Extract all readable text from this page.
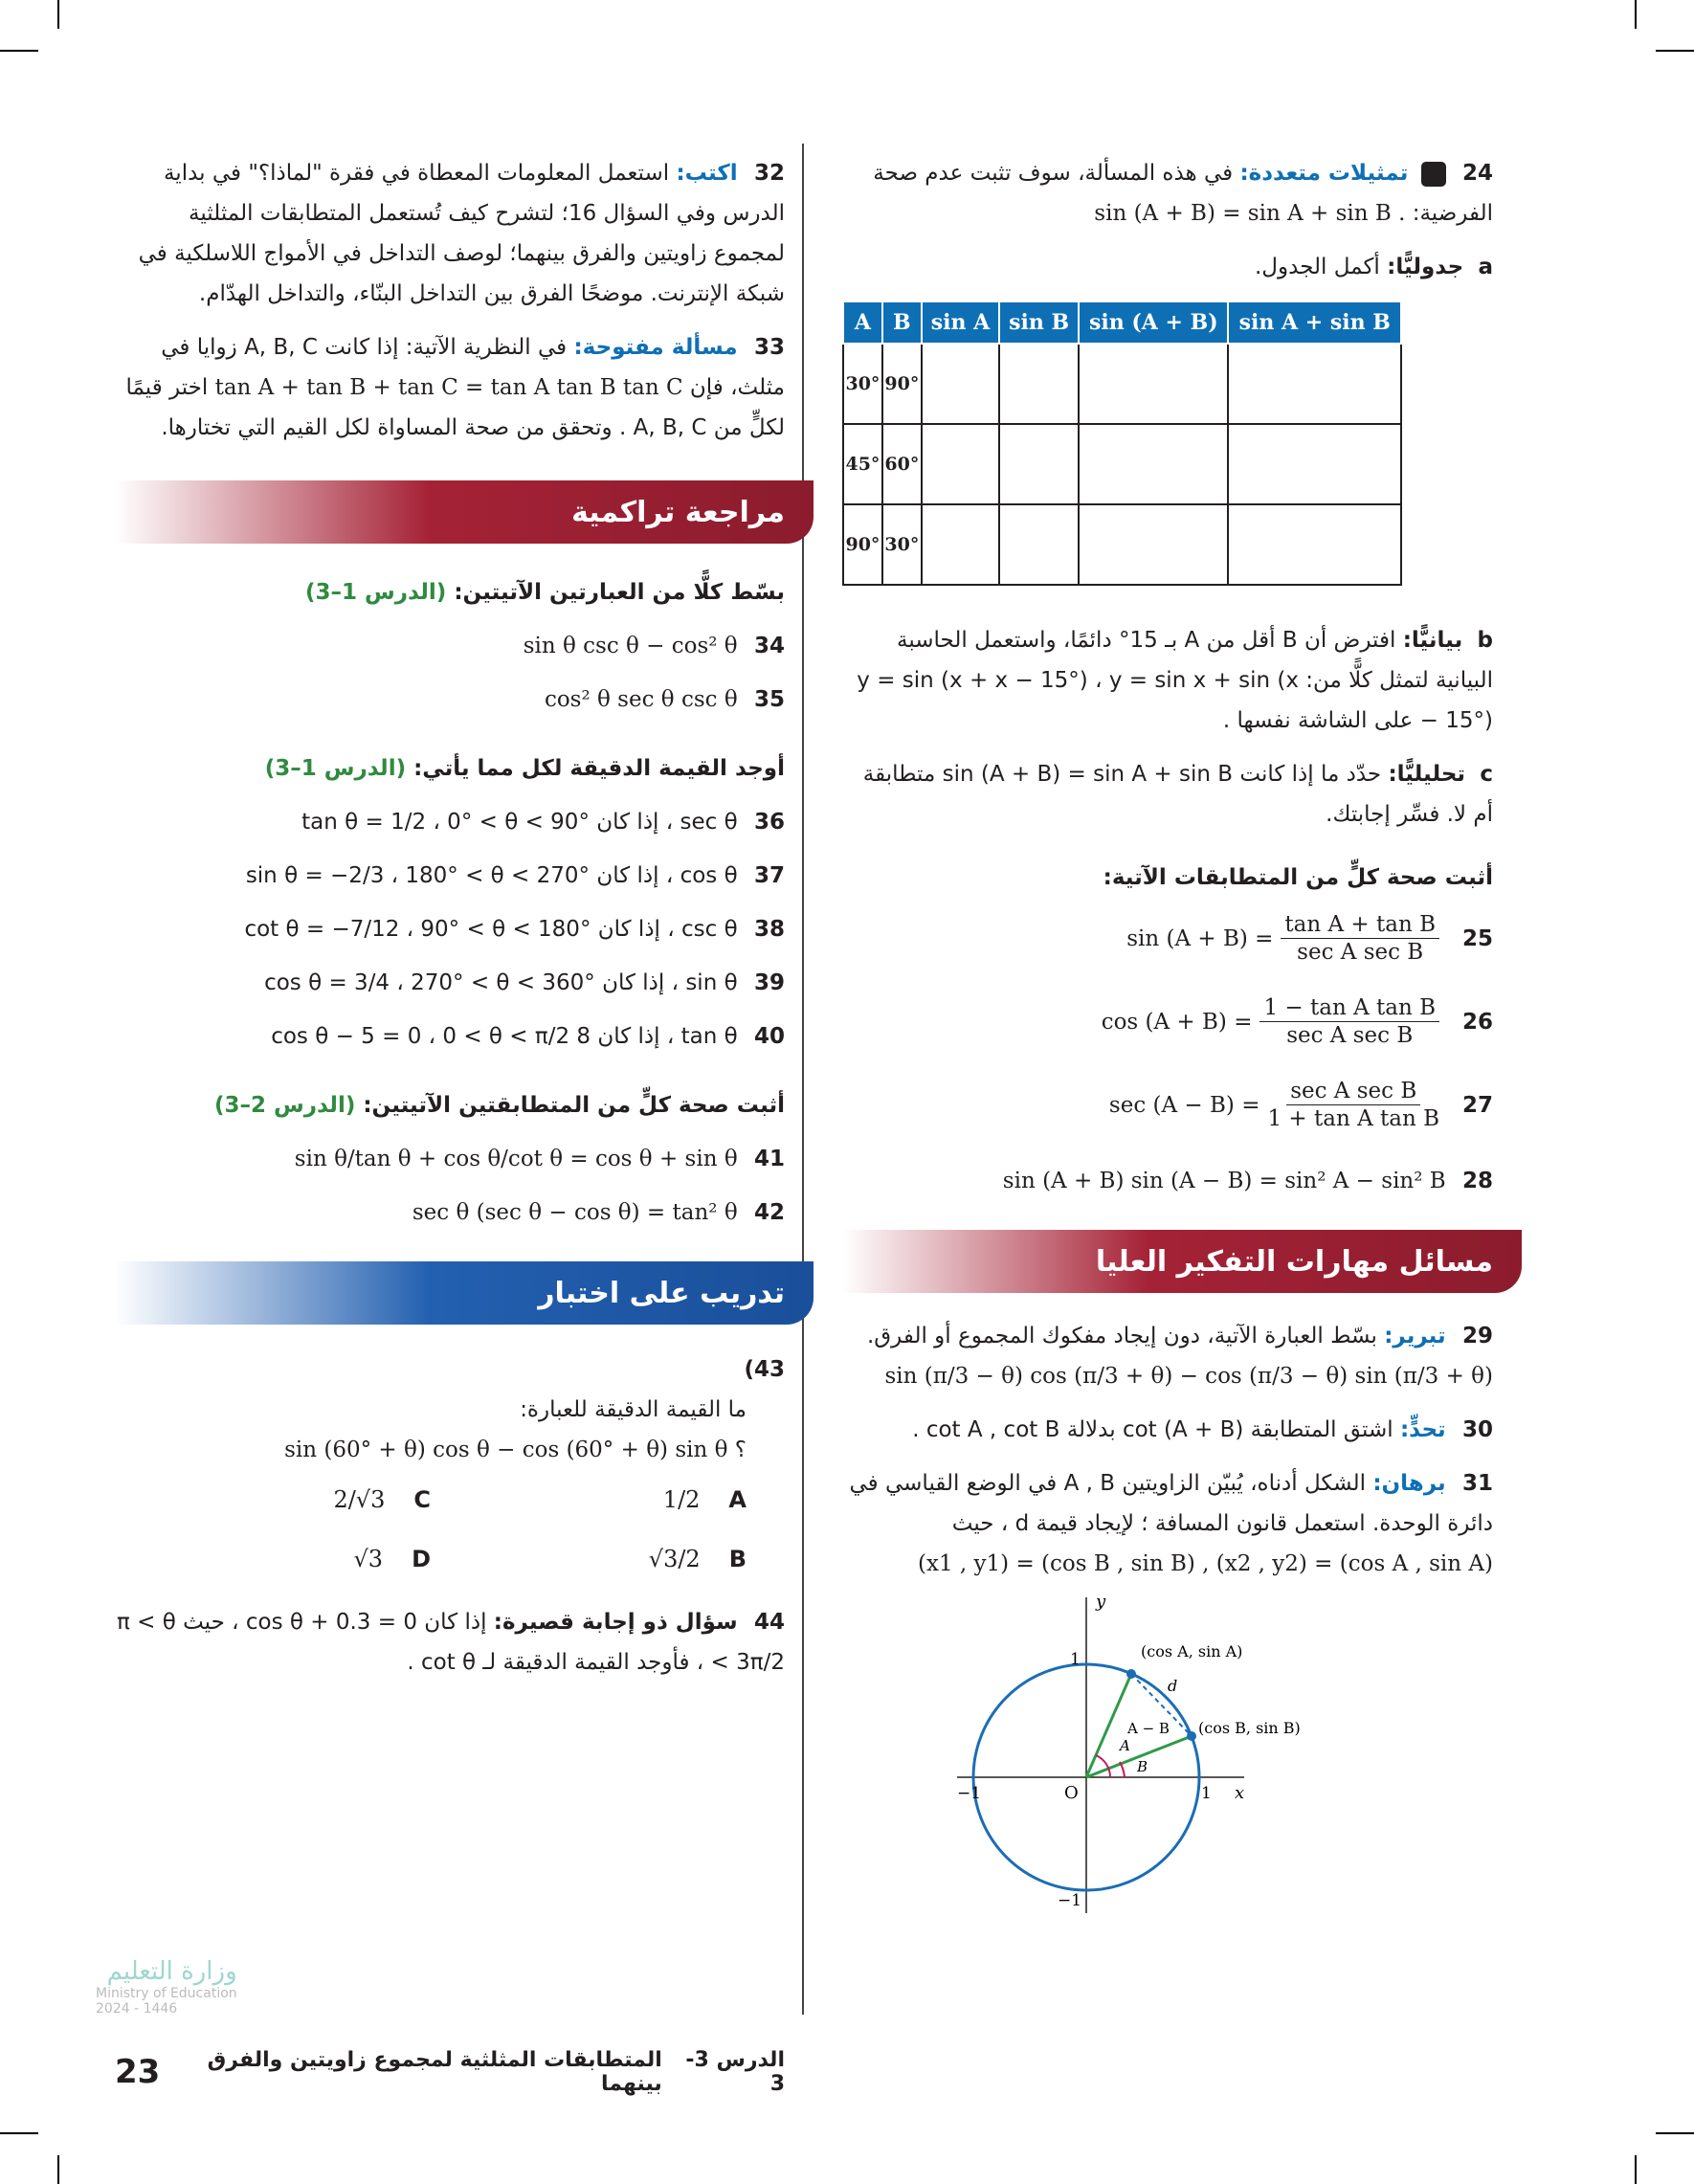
32 اكتب: استعمل المعلومات المعطاة في فقرة "لماذا؟" في بداية الدرس وفي السؤال 16؛ لتشرح كيف تُستعمل المتطابقات المثلثية لمجموع زاويتين والفرق بينهما؛ لوصف التداخل في الأمواج اللاسلكية في شبكة الإنترنت. موضحًا الفرق بين التداخل البنّاء، والتداخل الهدّام.
33 مسألة مفتوحة: في النظرية الآتية: إذا كانت A, B, C زوايا في مثلث، فإن tan A + tan B + tan C = tan A tan B tan C اختر قيمًا لكلٍّ من A, B, C . وتحقق من صحة المساواة لكل القيم التي تختارها.
مراجعة تراكمية
بسّط كلًّا من العبارتين الآتيتين: (الدرس 1–3)
34 sin θ csc θ − cos² θ
35 cos² θ sec θ csc θ
أوجد القيمة الدقيقة لكل مما يأتي: (الدرس 1–3)
36 sec θ ، إذا كان tan θ = 1/2 ، 0° < θ < 90°
37 cos θ ، إذا كان sin θ = −2/3 ، 180° < θ < 270°
38 csc θ ، إذا كان cot θ = −7/12 ، 90° < θ < 180°
39 sin θ ، إذا كان cos θ = 3/4 ، 270° < θ < 360°
40 tan θ ، إذا كان 8 cos θ − 5 = 0 ، 0 < θ < π/2
أثبت صحة كلٍّ من المتطابقتين الآتيتين: (الدرس 2–3)
41 sin θ/tan θ + cos θ/cot θ = cos θ + sin θ
42 sec θ (sec θ − cos θ) = tan² θ
تدريب على اختبار
43)
ما القيمة الدقيقة للعبارة:
sin (60° + θ) cos θ − cos (60° + θ) sin θ ؟
A
1/2
C
2/√3
B
√3/2
D
√3
44 سؤال ذو إجابة قصيرة: إذا كان cos θ + 0.3 = 0 ، حيث π < θ < 3π/2 ، فأوجد القيمة الدقيقة لـ cot θ .
24  تمثيلات متعددة: في هذه المسألة، سوف تثبت عدم صحة الفرضية: sin (A + B) = sin A + sin B .
a جدوليًّا: أكمل الجدول.
A	B	sin A	sin B	sin (A + B)	sin A + sin B
30°	90°				
45°	60°				
90°	30°				
b بيانيًّا: افترض أن B أقل من A بـ 15° دائمًا، واستعمل الحاسبة البيانية لتمثل كلًّا من: y = sin (x + x − 15°) ، y = sin x + sin (x − 15°) على الشاشة نفسها .
c تحليليًّا: حدّد ما إذا كانت sin (A + B) = sin A + sin B متطابقة أم لا. فسِّر إجابتك.
أثبت صحة كلٍّ من المتطابقات الآتية:
25
sin (A + B) =
tan A + tan B
sec A sec B
26
cos (A + B) =
1 − tan A tan B
sec A sec B
27
sec (A − B) =
sec A sec B
1 + tan A tan B
28 sin (A + B) sin (A − B) = sin² A − sin² B
مسائل مهارات التفكير العليا
29 تبرير: بسّط العبارة الآتية، دون إيجاد مفكوك المجموع أو الفرق.
sin (π/3 − θ) cos (π/3 + θ) − cos (π/3 − θ) sin (π/3 + θ)
30 تحدٍّ: اشتق المتطابقة cot (A + B) بدلالة cot A , cot B .
31 برهان: الشكل أدناه، يُبيّن الزاويتين A , B في الوضع القياسي في دائرة الوحدة. استعمل قانون المسافة ؛ لإيجاد قيمة d ، حيث
(x1 , y1) = (cos B , sin B) , (x2 , y2) = (cos A , sin A)
y
x
O
1
1
−1
−1
(cos A, sin A)
(cos B, sin B)
d
A − B
A
B
وزارة التعليم
Ministry of Education
2024 - 1446
الدرس 3-3
المتطابقات المثلثية لمجموع زاويتين والفرق بينهما
23
